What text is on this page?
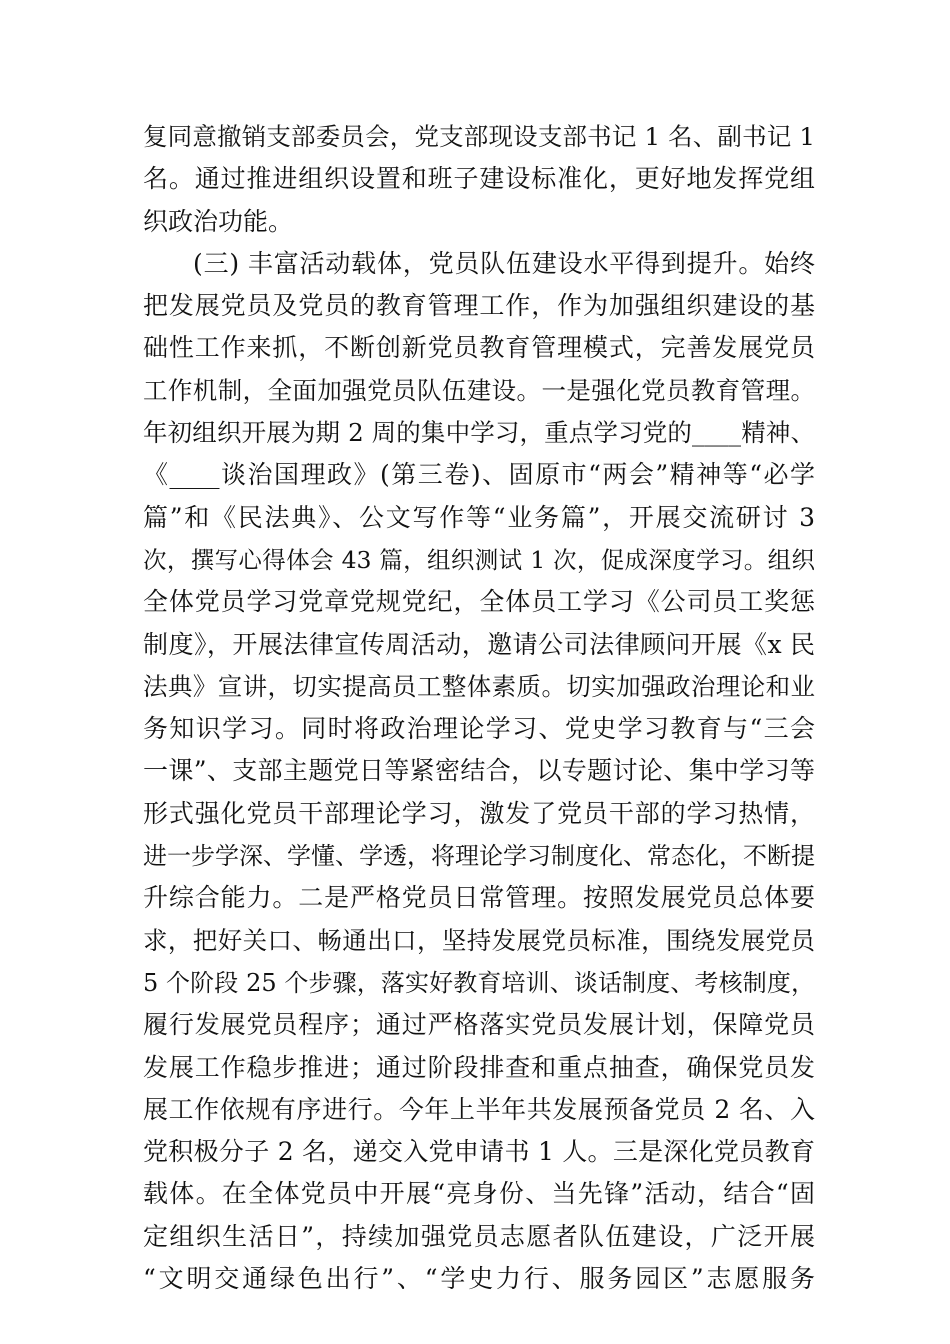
复同意撤销支部委员会，党支部现设支部书记 1 名、副书记 1
名。通过推进组织设置和班子建设标准化，更好地发挥党组
织政治功能。
(三) 丰富活动载体，党员队伍建设水平得到提升。始终
把发展党员及党员的教育管理工作，作为加强组织建设的基
础性工作来抓，不断创新党员教育管理模式，完善发展党员
工作机制，全面加强党员队伍建设。一是强化党员教育管理。
年初组织开展为期 2 周的集中学习，重点学习党的____精神、
《____谈治国理政》(第三卷)、固原市“两会”精神等“必学
篇”和《民法典》、公文写作等“业务篇”，开展交流研讨 3
次，撰写心得体会 43 篇，组织测试 1 次，促成深度学习。组织
全体党员学习党章党规党纪，全体员工学习《公司员工奖惩
制度》，开展法律宣传周活动，邀请公司法律顾问开展《x 民
法典》宣讲，切实提高员工整体素质。切实加强政治理论和业
务知识学习。同时将政治理论学习、党史学习教育与“三会
一课”、支部主题党日等紧密结合，以专题讨论、集中学习等
形式强化党员干部理论学习，激发了党员干部的学习热情，
进一步学深、学懂、学透，将理论学习制度化、常态化，不断提
升综合能力。二是严格党员日常管理。按照发展党员总体要
求，把好关口、畅通出口，坚持发展党员标准，围绕发展党员
5 个阶段 25 个步骤，落实好教育培训、谈话制度、考核制度，
履行发展党员程序；通过严格落实党员发展计划，保障党员
发展工作稳步推进；通过阶段排查和重点抽查，确保党员发
展工作依规有序进行。今年上半年共发展预备党员 2 名、入
党积极分子 2 名，递交入党申请书 1 人。三是深化党员教育
载体。在全体党员中开展“亮身份、当先锋”活动，结合“固
定组织生活日”，持续加强党员志愿者队伍建设，广泛开展
“文明交通绿色出行”、“学史力行、服务园区”志愿服务
